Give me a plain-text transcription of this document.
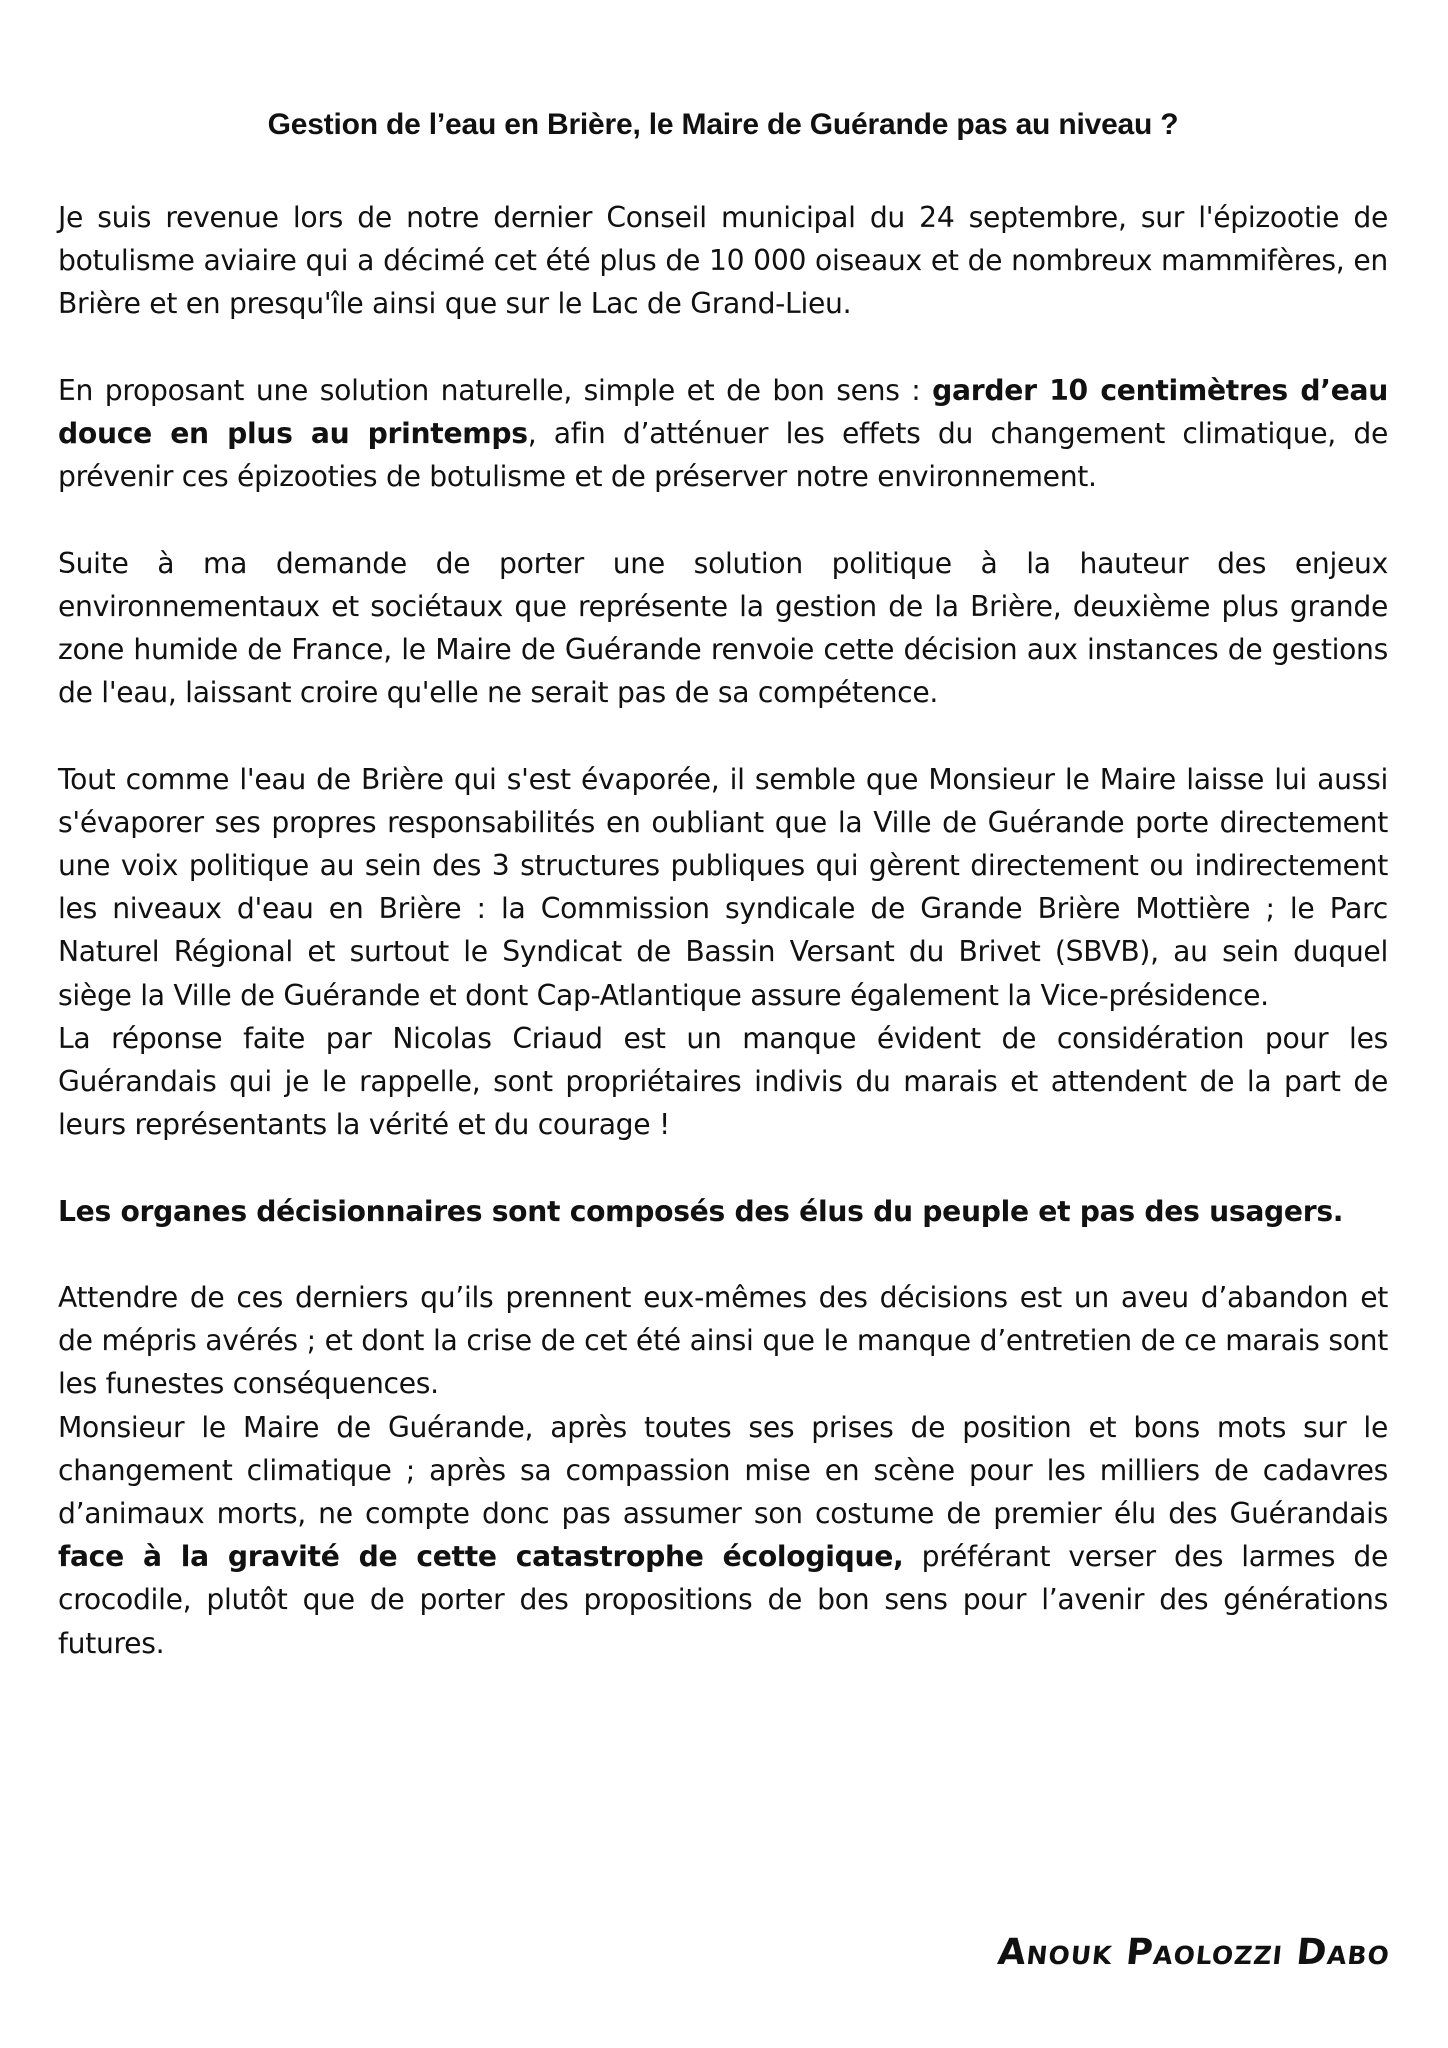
Gestion de l’eau en Brière, le Maire de Guérande pas au niveau ?

Je suis revenue lors de notre dernier Conseil municipal du 24 septembre, sur l'épizootie de botulisme aviaire qui a décimé cet été plus de 10 000 oiseaux et de nombreux mammifères, en Brière et en presqu'île ainsi que sur le Lac de Grand-Lieu.

En proposant une solution naturelle, simple et de bon sens : garder 10 centimètres d’eau douce en plus au printemps, afin d’atténuer les effets du changement climatique, de prévenir ces épizooties de botulisme et de préserver notre environnement.

Suite à ma demande de porter une solution politique à la hauteur des enjeux environnementaux et sociétaux que représente la gestion de la Brière, deuxième plus grande zone humide de France, le Maire de Guérande renvoie cette décision aux instances de gestions de l'eau, laissant croire qu'elle ne serait pas de sa compétence.

Tout comme l'eau de Brière qui s'est évaporée, il semble que Monsieur le Maire laisse lui aussi s'évaporer ses propres responsabilités en oubliant que la Ville de Guérande porte directement une voix politique au sein des 3 structures publiques qui gèrent directement ou indirectement les niveaux d'eau en Brière : la Commission syndicale de Grande Brière Mottière ; le Parc Naturel Régional et surtout le Syndicat de Bassin Versant du Brivet (SBVB), au sein duquel siège la Ville de Guérande et dont Cap-Atlantique assure également la Vice-présidence.

La réponse faite par Nicolas Criaud est un manque évident de considération pour les Guérandais qui je le rappelle, sont propriétaires indivis du marais et attendent de la part de leurs représentants la vérité et du courage !

Les organes décisionnaires sont composés des élus du peuple et pas des usagers.

Attendre de ces derniers qu’ils prennent eux-mêmes des décisions est un aveu d’abandon et de mépris avérés ; et dont la crise de cet été ainsi que le manque d’entretien de ce marais sont les funestes conséquences.

Monsieur le Maire de Guérande, après toutes ses prises de position et bons mots sur le changement climatique ; après sa compassion mise en scène pour les milliers de cadavres d’animaux morts, ne compte donc pas assumer son costume de premier élu des Guérandais face à la gravité de cette catastrophe écologique, préférant verser des larmes de crocodile, plutôt que de porter des propositions de bon sens pour l’avenir des générations futures.

Anouk Paolozzi Dabo
